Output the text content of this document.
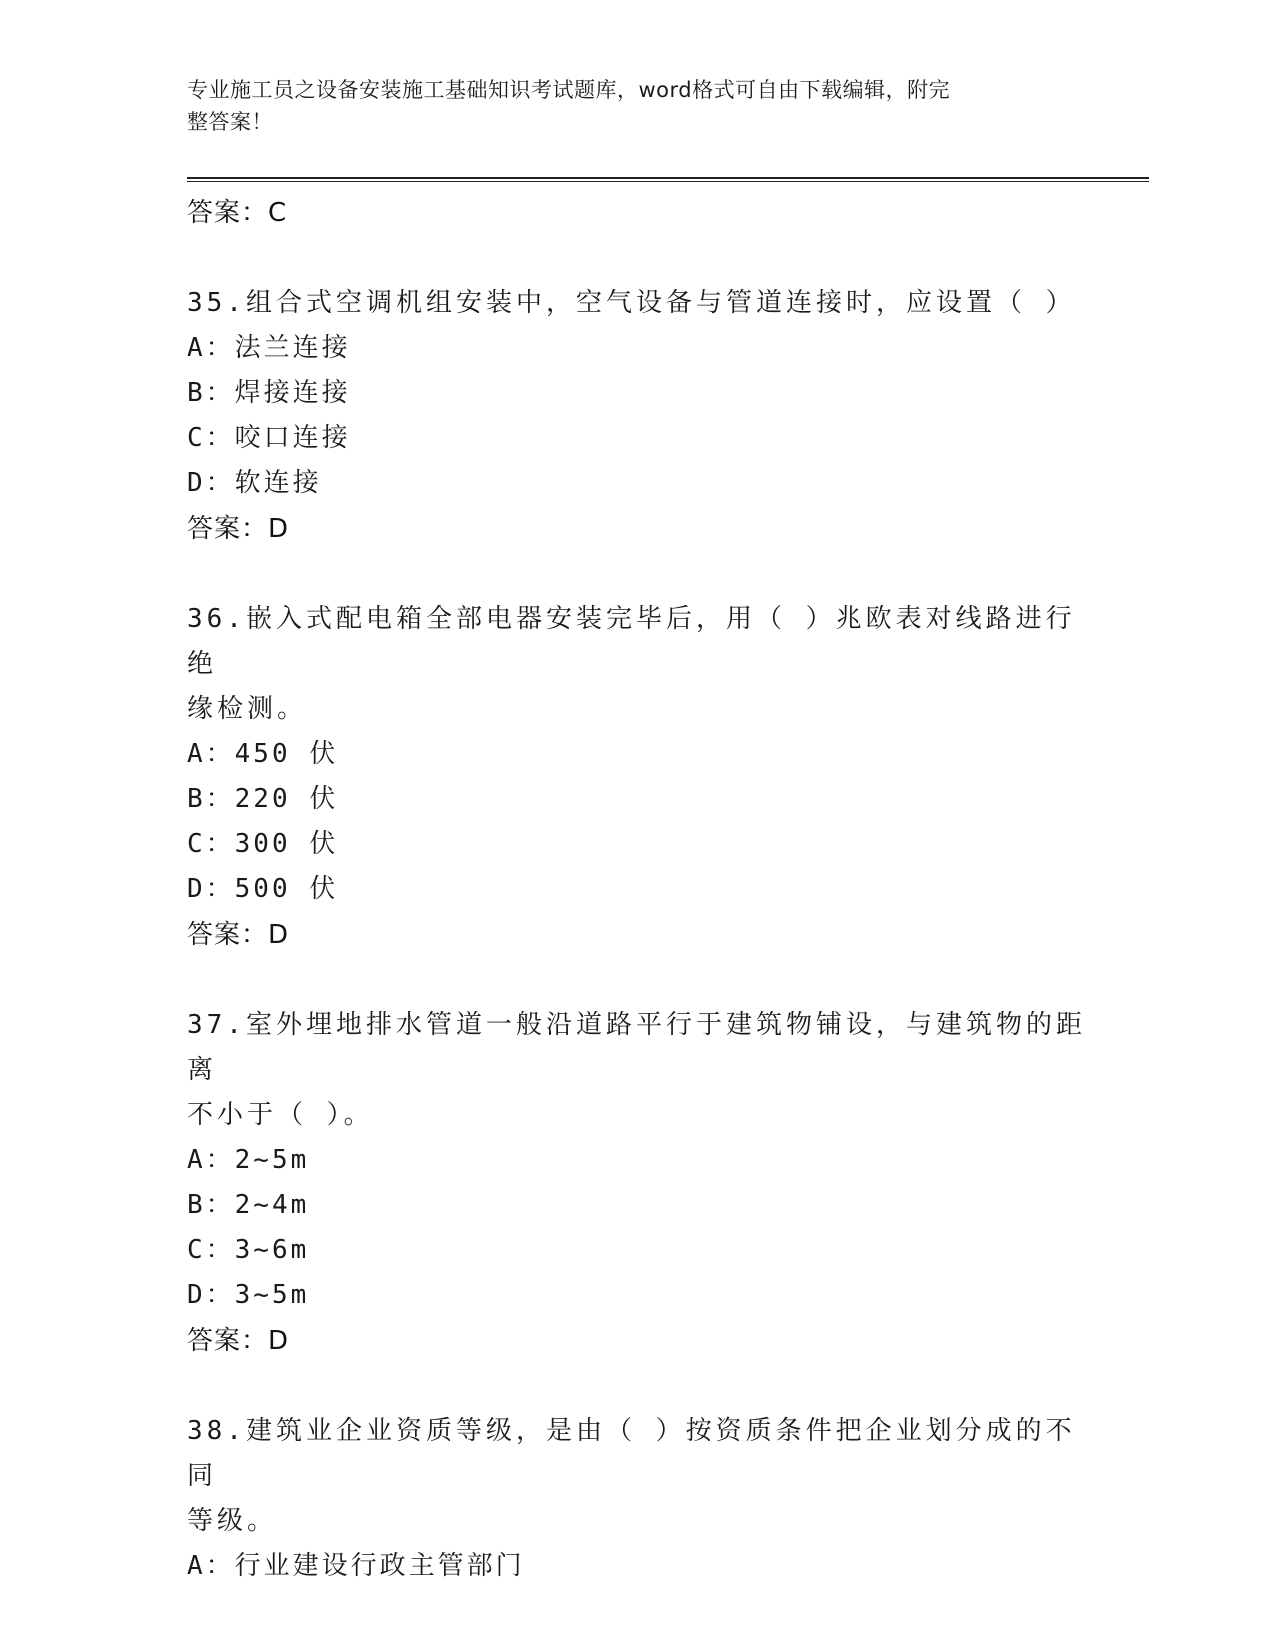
专业施工员之设备安装施工基础知识考试题库，word格式可自由下载编辑，附完
整答案！
答案：C
35.组合式空调机组安装中，空气设备与管道连接时，应设置（ ）
A：法兰连接
B：焊接连接
C：咬口连接
D：软连接
答案：D
36.嵌入式配电箱全部电器安装完毕后，用（ ）兆欧表对线路进行绝
缘检测。
A：450 伏
B：220 伏
C：300 伏
D：500 伏
答案：D
37.室外埋地排水管道一般沿道路平行于建筑物铺设，与建筑物的距离
不小于（ ）。
A：2~5m
B：2~4m
C：3~6m
D：3~5m
答案：D
38.建筑业企业资质等级，是由（ ）按资质条件把企业划分成的不同
等级。
A：行业建设行政主管部门
